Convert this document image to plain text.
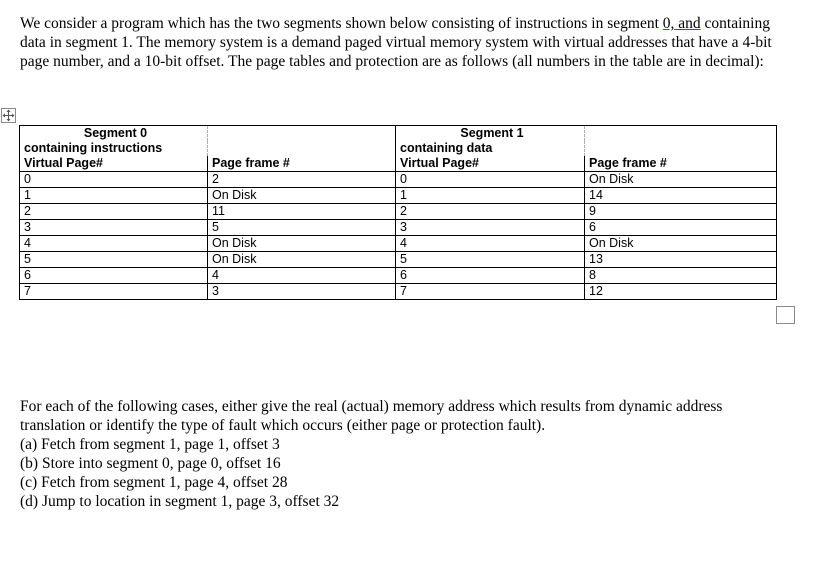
We consider a program which has the two segments shown below consisting of instructions in segment 0, and containing data in segment 1. The memory system is a demand paged virtual memory system with virtual addresses that have a 4-bit page number, and a 10-bit offset. The page tables and protection are as follows (all numbers in the table are in decimal):
Segment 0		Segment 1	
containing instructions		containing data	
Virtual Page#	Page frame #	Virtual Page#	Page frame #
0	2	0	On Disk
1	On Disk	1	14
2	11	2	9
3	5	3	6
4	On Disk	4	On Disk
5	On Disk	5	13
6	4	6	8
7	3	7	12
For each of the following cases, either give the real (actual) memory address which results from dynamic address translation or identify the type of fault which occurs (either page or protection fault).
(a) Fetch from segment 1, page 1, offset 3
(b) Store into segment 0, page 0, offset 16
(c) Fetch from segment 1, page 4, offset 28
(d) Jump to location in segment 1, page 3, offset 32
